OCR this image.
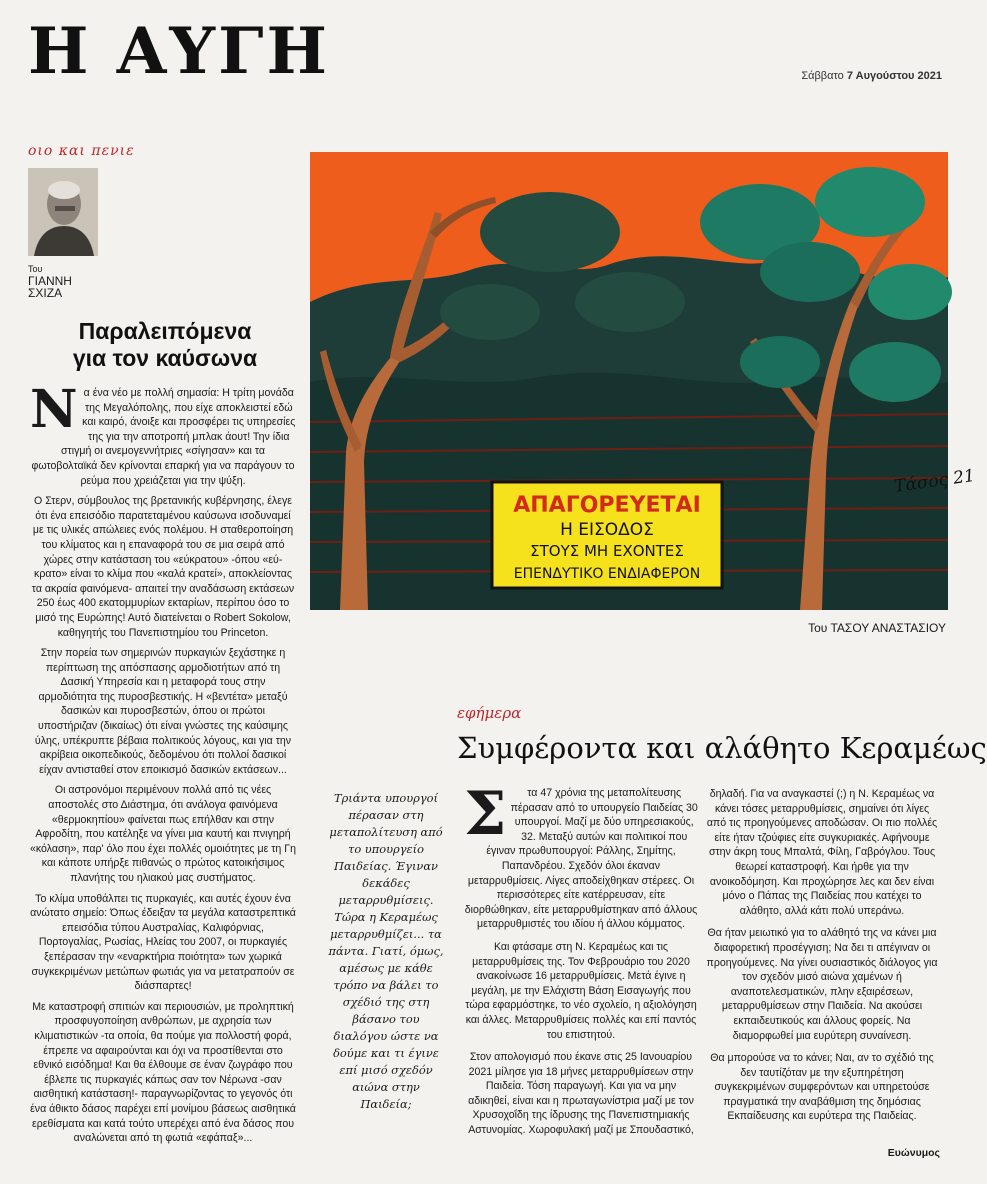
Η ΑΥΓΗ	Σάββατο 7 Αυγούστου 2021
οιο και πενιε
Του
ΓΙΑΝΝΗ
ΣΧΙΖΑ
Παραλειπόμενα
για τον καύσωνα

Να ένα νέο με πολλή σημασία: Η τρίτη μονάδα της Μεγαλόπολης, που είχε αποκλειστεί εδώ και καιρό, άνοιξε και προσφέρει τις υπηρεσίες της για την αποτροπή μπλακ άουτ! Την ίδια στιγμή οι ανεμογεννήτριες «σίγησαν» και τα φωτοβολταϊκά δεν κρίνονται επαρκή για να παράγουν το ρεύμα που χρειάζεται για την ψύξη.

Ο Στερν, σύμβουλος της βρετανικής κυβέρνησης, έλεγε ότι ένα επεισόδιο παρατεταμένου καύσωνα ισοδυναμεί με τις υλικές απώλειες ενός πολέμου. Η σταθεροποίηση του κλίματος και η επαναφορά του σε μια σειρά από χώρες στην κατάσταση του «εύκρατου» -όπου «εύ-κρατο» είναι το κλίμα που «καλά κρατεί», αποκλείοντας τα ακραία φαινόμενα- απαιτεί την αναδάσωση εκτάσεων 250 έως 400 εκατομμυρίων εκταρίων, περίπου όσο το μισό της Ευρώπης! Αυτό διατείνεται ο Robert Sokolow, καθηγητής του Πανεπιστημίου του Princeton.

Στην πορεία των σημερινών πυρκαγιών ξεχάστηκε η περίπτωση της απόσπασης αρμοδιοτήτων από τη Δασική Υπηρεσία και η μεταφορά τους στην αρμοδιότητα της πυροσβεστικής. Η «βεντέτα» μεταξύ δασικών και πυροσβεστών, όπου οι πρώτοι υποστήριζαν (δικαίως) ότι είναι γνώστες της καύσιμης ύλης, υπέκρυπτε βέβαια πολιτικούς λόγους, και για την ακρίβεια οικοπεδικούς, δεδομένου ότι πολλοί δασικοί είχαν αντισταθεί στον εποικισμό δασικών εκτάσεων...

Οι αστρονόμοι περιμένουν πολλά από τις νέες αποστολές στο Διάστημα, ότι ανάλογα φαινόμενα «θερμοκηπίου» φαίνεται πως επήλθαν και στην Αφροδίτη, που κατέληξε να γίνει μια καυτή και πνιγηρή «κόλαση», παρ' όλο που έχει πολλές ομοιότητες με τη Γη και κάποτε υπήρξε πιθανώς ο πρώτος κατοικήσιμος πλανήτης του ηλιακού μας συστήματος.

Το κλίμα υποθάλπει τις πυρκαγιές, και αυτές έχουν ένα ανώτατο σημείο: Όπως έδειξαν τα μεγάλα καταστρεπτικά επεισόδια τύπου Αυστραλίας, Καλιφόρνιας, Πορτογαλίας, Ρωσίας, Ηλείας του 2007, οι πυρκαγιές ξεπέρασαν την «εναρκτήρια ποιότητα» των χωρικά συγκεκριμένων μετώπων φωτιάς για να μετατραπούν σε διάσπαρτες!

Με καταστροφή σπιτιών και περιουσιών, με προληπτική προσφυγοποίηση ανθρώπων, με αχρησία των κλιματιστικών -τα οποία, θα πούμε για πολλοστή φορά, έπρεπε να αφαιρούνται και όχι να προστίθενται στο εθνικό εισόδημα! Και θα έλθουμε σε έναν ζωγράφο που έβλεπε τις πυρκαγιές κάπως σαν τον Νέρωνα -σαν αισθητική κατάσταση!- παραγνωρίζοντας το γεγονός ότι ένα άθικτο δάσος παρέχει επί μονίμου βάσεως αισθητικά ερεθίσματα και κατά τούτο υπερέχει από ένα δάσος που αναλώνεται από τη φωτιά «εφάπαξ»...

ΑΠΑΓΟΡΕΥΕΤΑΙ
Η ΕΙΣΟΔΟΣ
ΣΤΟΥΣ ΜΗ ΕΧΟΝΤΕΣ
ΕΠΕΝΔΥΤΙΚΟ ΕΝΔΙΑΦΕΡΟΝ
Τάσος 21
Του ΤΑΣΟΥ ΑΝΑΣΤΑΣΙΟΥ
εφήμερα
Συμφέροντα και αλάθητο Κεραμέως
Τριάντα υπουργοί πέρασαν στη μεταπολίτευση από το υπουργείο Παιδείας. Έγιναν δεκάδες μεταρρυθμίσεις. Τώρα η Κεραμέως μεταρρυθμίζει... τα πάντα. Γιατί, όμως, αμέσως με κάθε τρόπο να βάλει το σχέδιό της στη βάσανο του διαλόγου ώστε να δούμε και τι έγινε επί μισό σχεδόν αιώνα στην Παιδεία;

Σ τα 47 χρόνια της μεταπολίτευσης πέρασαν από το υπουργείο Παιδείας 30 υπουργοί. Μαζί με δύο υπηρεσιακούς, 32. Μεταξύ αυτών και πολιτικοί που έγιναν πρωθυπουργοί: Ράλλης, Σημίτης, Παπανδρέου. Σχεδόν όλοι έκαναν μεταρρυθμίσεις. Λίγες αποδείχθηκαν στέρεες. Οι περισσότερες είτε κατέρρευσαν, είτε διορθώθηκαν, είτε μεταρρυθμίστηκαν από άλλους μεταρρυθμιστές του ιδίου ή άλλου κόμματος.

Και φτάσαμε στη Ν. Κεραμέως και τις μεταρρυθμίσεις της. Τον Φεβρουάριο του 2020 ανακοίνωσε 16 μεταρρυθμίσεις. Μετά έγινε η μεγάλη, με την Ελάχιστη Βάση Εισαγωγής που τώρα εφαρμόστηκε, το νέο σχολείο, η αξιολόγηση και άλλες. Μεταρρυθμίσεις πολλές και επί παντός του επιστητού.

Στον απολογισμό που έκανε στις 25 Ιανουαρίου 2021 μίλησε για 18 μήνες μεταρρυθμίσεων στην Παιδεία. Τόση παραγωγή. Και για να μην αδικηθεί, είναι και η πρωταγωνίστρια μαζί με τον Χρυσοχοΐδη της ίδρυσης της Πανεπιστημιακής Αστυνομίας. Χωροφυλακή μαζί με Σπουδαστικό,

δηλαδή. Για να αναγκαστεί (;) η Ν. Κεραμέως να κάνει τόσες μεταρρυθμίσεις, σημαίνει ότι λίγες από τις προηγούμενες αποδώσαν. Οι πιο πολλές είτε ήταν τζούφιες είτε συγκυριακές. Αφήνουμε στην άκρη τους Μπαλτά, Φίλη, Γαβρόγλου. Τους θεωρεί καταστροφή. Και ήρθε για την ανοικοδόμηση. Και προχώρησε λες και δεν είναι μόνο ο Πάπας της Παιδείας που κατέχει το αλάθητο, αλλά κάτι πολύ υπεράνω.

Θα ήταν μειωτικό για το αλάθητό της να κάνει μια διαφορετική προσέγγιση; Να δει τι απέγιναν οι προηγούμενες. Να γίνει ουσιαστικός διάλογος για τον σχεδόν μισό αιώνα χαμένων ή αναποτελεσματικών, πλην εξαιρέσεων, μεταρρυθμίσεων στην Παιδεία. Να ακούσει εκπαιδευτικούς και άλλους φορείς. Να διαμορφωθεί μια ευρύτερη συναίνεση.

Θα μπορούσε να το κάνει; Ναι, αν το σχέδιό της δεν ταυτίζόταν με την εξυπηρέτηση συγκεκριμένων συμφερόντων και υπηρετούσε πραγματικά την αναβάθμιση της δημόσιας Εκπαίδευσης και ευρύτερα της Παιδείας.

Ευώνυμος
